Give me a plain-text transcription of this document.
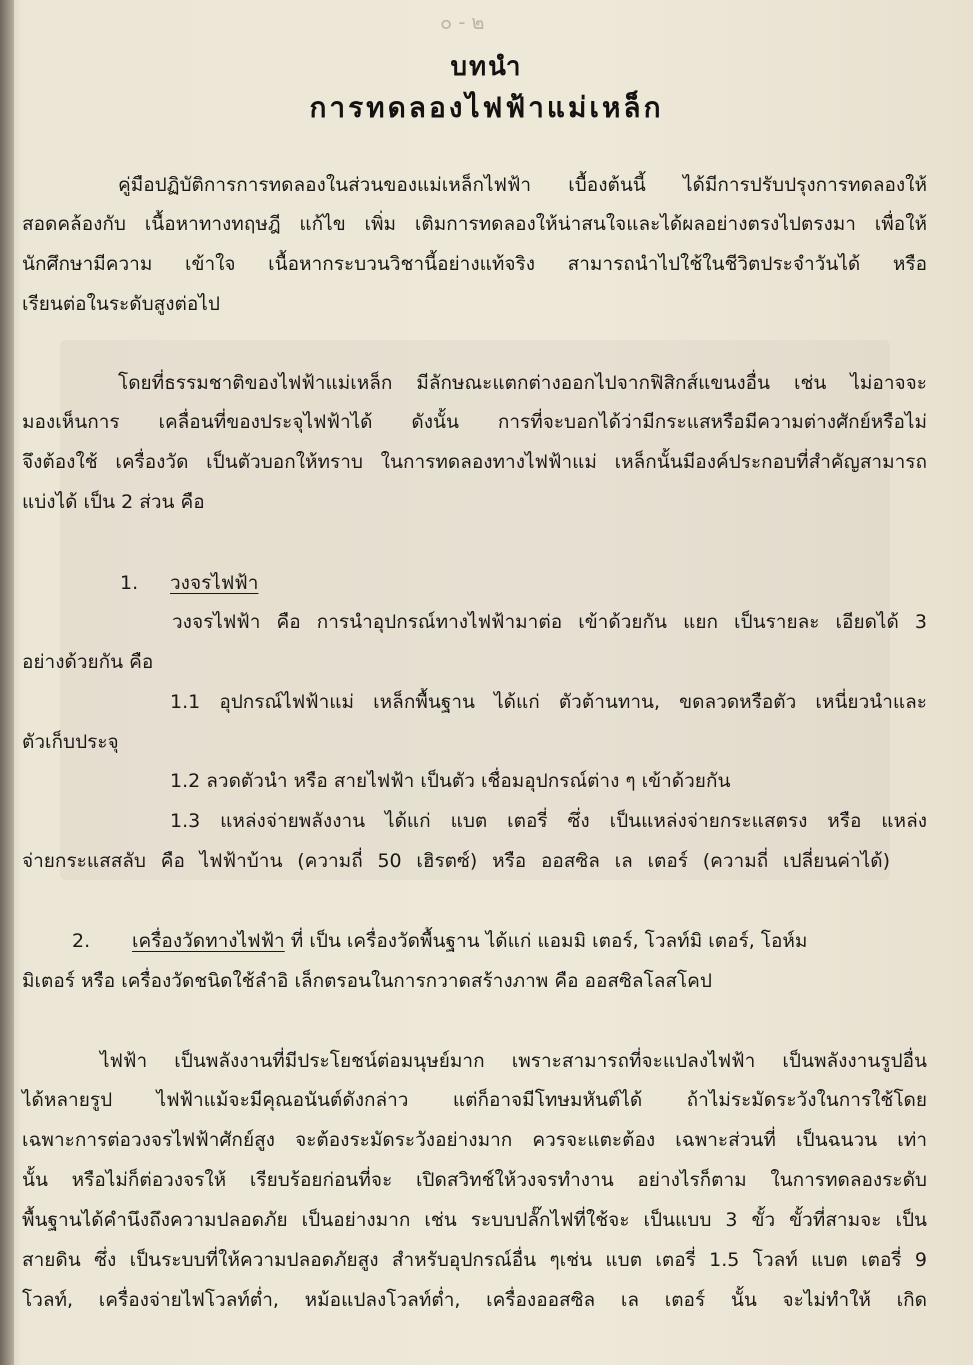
๐-๒
บทนำ
การทดลองไฟฟ้าแม่เหล็ก
คู่มือปฏิบัติการการทดลองในส่วนของแม่เหล็กไฟฟ้า เบื้องต้นนี้ ได้มีการปรับปรุงการทดลองให้
สอดคล้องกับ เนื้อหาทางทฤษฎี แก้ไข เพิ่ม เติมการทดลองให้น่าสนใจและได้ผลอย่างตรงไปตรงมา เพื่อให้
นักศึกษามีความ เข้าใจ เนื้อหากระบวนวิชานี้อย่างแท้จริง สามารถนำไปใช้ในชีวิตประจำวันได้ หรือ
เรียนต่อในระดับสูงต่อไป
โดยที่ธรรมชาติของไฟฟ้าแม่เหล็ก มีลักษณะแตกต่างออกไปจากฟิสิกส์แขนงอื่น เช่น ไม่อาจจะ
มองเห็นการ เคลื่อนที่ของประจุไฟฟ้าได้ ดังนั้น การที่จะบอกได้ว่ามีกระแสหรือมีความต่างศักย์หรือไม่
จึงต้องใช้ เครื่องวัด เป็นตัวบอกให้ทราบ ในการทดลองทางไฟฟ้าแม่ เหล็กนั้นมีองค์ประกอบที่สำคัญสามารถ
แบ่งได้ เป็น 2 ส่วน คือ
1. วงจรไฟฟ้า
วงจรไฟฟ้า คือ การนำอุปกรณ์ทางไฟฟ้ามาต่อ เข้าด้วยกัน แยก เป็นรายละ เอียดได้ 3
อย่างด้วยกัน คือ
1.1 อุปกรณ์ไฟฟ้าแม่ เหล็กพื้นฐาน ได้แก่ ตัวต้านทาน, ขดลวดหรือตัว เหนี่ยวนำและ
ตัวเก็บประจุ
1.2 ลวดตัวนำ หรือ สายไฟฟ้า เป็นตัว เชื่อมอุปกรณ์ต่าง ๆ เข้าด้วยกัน
1.3 แหล่งจ่ายพลังงาน ได้แก่ แบต เตอรี่ ซึ่ง เป็นแหล่งจ่ายกระแสตรง หรือ แหล่ง
จ่ายกระแสสลับ คือ ไฟฟ้าบ้าน (ความถี่ 50 เฮิรตซ์) หรือ ออสซิล เล เตอร์ (ความถี่ เปลี่ยนค่าได้)
2. เครื่องวัดทางไฟฟ้า ที่ เป็น เครื่องวัดพื้นฐาน ได้แก่ แอมมิ เตอร์, โวลท์มิ เตอร์, โอห์ม
มิเตอร์ หรือ เครื่องวัดชนิดใช้ลำอิ เล็กตรอนในการกวาดสร้างภาพ คือ ออสซิลโลสโคป
ไฟฟ้า เป็นพลังงานที่มีประโยชน์ต่อมนุษย์มาก เพราะสามารถที่จะแปลงไฟฟ้า เป็นพลังงานรูปอื่น
ได้หลายรูป ไฟฟ้าแม้จะมีคุณอนันต์ดังกล่าว แต่ก็อาจมีโทษมหันต์ได้ ถ้าไม่ระมัดระวังในการใช้โดย
เฉพาะการต่อวงจรไฟฟ้าศักย์สูง จะต้องระมัดระวังอย่างมาก ควรจะแตะต้อง เฉพาะส่วนที่ เป็นฉนวน เท่า
นั้น หรือไม่ก็ต่อวงจรให้ เรียบร้อยก่อนที่จะ เปิดสวิทช์ให้วงจรทำงาน อย่างไรก็ตาม ในการทดลองระดับ
พื้นฐานได้คำนึงถึงความปลอดภัย เป็นอย่างมาก เช่น ระบบปลั๊กไฟที่ใช้จะ เป็นแบบ 3 ขั้ว ขั้วที่สามจะ เป็น
สายดิน ซึ่ง เป็นระบบที่ให้ความปลอดภัยสูง สำหรับอุปกรณ์อื่น ๆเช่น แบต เตอรี่ 1.5 โวลท์ แบต เตอรี่ 9
โวลท์, เครื่องจ่ายไฟโวลท์ต่ำ, หม้อแปลงโวลท์ต่ำ, เครื่องออสซิล เล เตอร์ นั้น จะไม่ทำให้ เกิด
